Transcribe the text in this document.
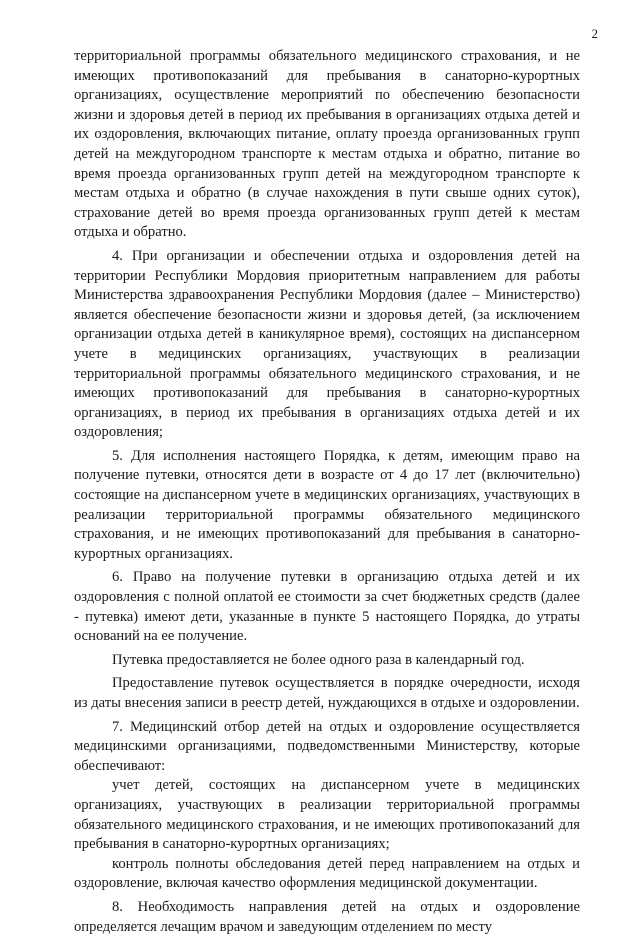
2

территориальной программы обязательного медицинского страхования, и не имеющих противопоказаний для пребывания в санаторно-курортных организациях, осуществление мероприятий по обеспечению безопасности жизни и здоровья детей в период их пребывания в организациях отдыха детей и их оздоровления, включающих питание, оплату проезда организованных групп детей на междугородном транспорте к местам отдыха и обратно, питание во время проезда организованных групп детей на междугородном транспорте к местам отдыха и обратно (в случае нахождения в пути свыше одних суток), страхование детей во время проезда организованных групп детей к местам отдыха и обратно.

4. При организации и обеспечении отдыха и оздоровления детей на территории Республики Мордовия приоритетным направлением для работы Министерства здравоохранения Республики Мордовия (далее – Министерство) является обеспечение безопасности жизни и здоровья детей, (за исключением организации отдыха детей в каникулярное время), состоящих на диспансерном учете в медицинских организациях, участвующих в реализации территориальной программы обязательного медицинского страхования, и не имеющих противопоказаний для пребывания в санаторно-курортных организациях, в период их пребывания в организациях отдыха детей и их оздоровления;

5. Для исполнения настоящего Порядка, к детям, имеющим право на получение путевки, относятся дети в возрасте от 4 до 17 лет (включительно) состоящие на диспансерном учете в медицинских организациях, участвующих в реализации территориальной программы обязательного медицинского страхования, и не имеющих противопоказаний для пребывания в санаторно-курортных организациях.

6. Право на получение путевки в организацию отдыха детей и их оздоровления с полной оплатой ее стоимости за счет бюджетных средств (далее - путевка) имеют дети, указанные в пункте 5 настоящего Порядка, до утраты оснований на ее получение.

Путевка предоставляется не более одного раза в календарный год.

Предоставление путевок осуществляется в порядке очередности, исходя из даты внесения записи в реестр детей, нуждающихся в отдыхе и оздоровлении.

7. Медицинский отбор детей на отдых и оздоровление осуществляется медицинскими организациями, подведомственными Министерству, которые обеспечивают:

учет детей, состоящих на диспансерном учете в медицинских организациях, участвующих в реализации территориальной программы обязательного медицинского страхования, и не имеющих противопоказаний для пребывания в санаторно-курортных организациях;

контроль полноты обследования детей перед направлением на отдых и оздоровление, включая качество оформления медицинской документации.

8. Необходимость направления детей на отдых и оздоровление определяется лечащим врачом и заведующим отделением по месту
